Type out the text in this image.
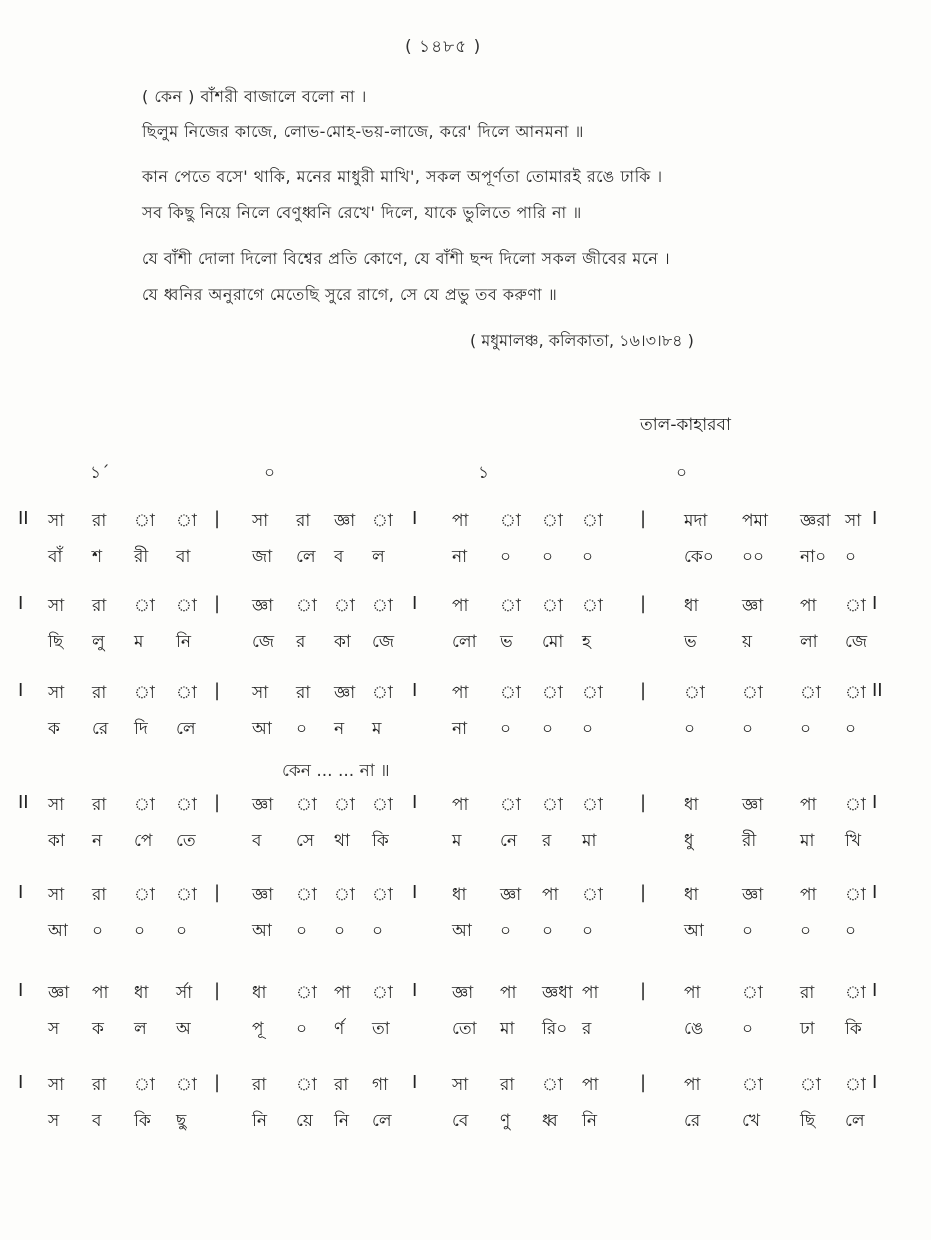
( ১৪৮৫ )
( কেন ) বাঁশরী বাজালে বলো না ।
ছিলুম নিজের কাজে, লোভ-মোহ-ভয়-লাজে, করে' দিলে আনমনা ॥
কান পেতে বসে' থাকি, মনের মাধুরী মাখি', সকল অপূর্ণতা তোমারই রঙে ঢাকি ।
সব কিছু নিয়ে নিলে বেণুধ্বনি রেখে' দিলে, যাকে ভুলিতে পারি না ॥
যে বাঁশী দোলা দিলো বিশ্বের প্রতি কোণে, যে বাঁশী ছন্দ দিলো সকল জীবের মনে ।
যে ধ্বনির অনুরাগে মেতেছি সুরে রাগে, সে যে প্রভু তব করুণা ॥
( মধুমালঞ্চ, কলিকাতা, ১৬।৩।৮৪ )
তাল-কাহারবা
১´	০	১	০
II সা রা া া | সা রা জ্ঞা া I পা া া া | মদা পমা জ্ঞরা সা I
বাঁ শ রী বা	জা লে ব ল	না ০ ০ ০	কে০ ০০ না০ ০
I সা রা া া | জ্ঞা া া া I পা া া া | ধা	জ্ঞা পা া I
ছি লু ম নি	জে র কা জে	লো ভ মো হ	ভ	য়	লা জে
I সা রা া া | সা রা জ্ঞা া I পা া া া | া া া া II
ক রে দি লে	আ ০ ন ম	না ০ ০ ০	০	০	০ ০
II সা রা া া | জ্ঞা া া া I পা া া া | ধা	জ্ঞা পা া I
কা ন পে তে	ব সে থা কি	ম নে র মা	ধু	রী	মা খি
I সা রা া া | জ্ঞা া া া I ধা জ্ঞা পা া | ধা	জ্ঞা পা া I
আ ০ ০ ০	আ ০ ০ ০	আ ০ ০ ০	আ ০	০ ০
I জ্ঞা পা ধা র্সা | ধা া পা া I জ্ঞা পা জ্ঞধা পা | পা া রা া I
স ক ল অ	পূ ০ র্ণ তা	তো মা রি০ র	ঙে ০	ঢা কি
I সা রা া া | রা া রা গা I সা রা া পা | পা া া া I
স ব কি ছু	নি য়ে নি লে	বে ণু ধ্ব নি	রে খে ছি লে
কেন ... ... না ॥
